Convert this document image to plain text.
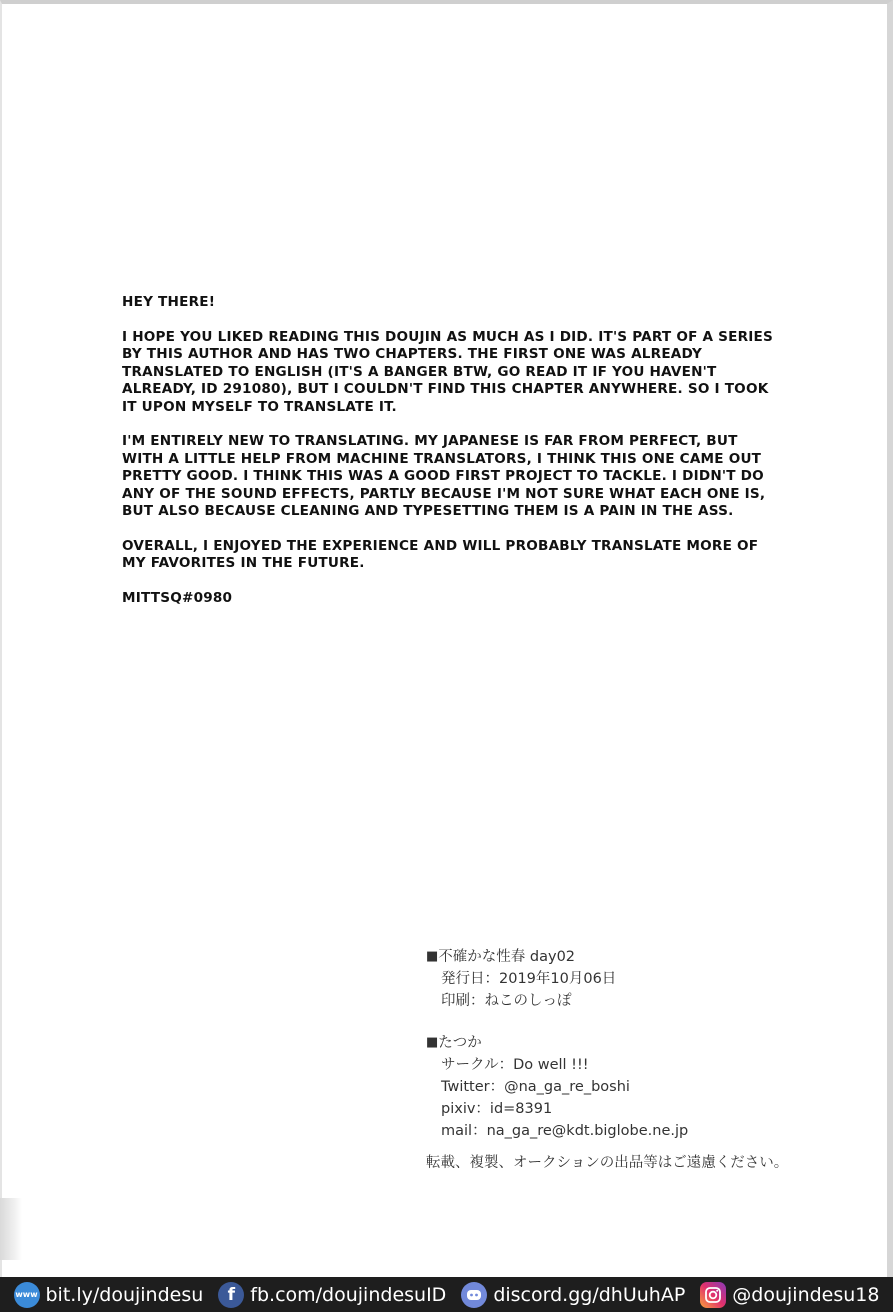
HEY THERE!

I HOPE YOU LIKED READING THIS DOUJIN AS MUCH AS I DID. IT'S PART OF A SERIES BY THIS AUTHOR AND HAS TWO CHAPTERS. THE FIRST ONE WAS ALREADY TRANSLATED TO ENGLISH (IT'S A BANGER BTW, GO READ IT IF YOU HAVEN'T ALREADY, ID 291080), BUT I COULDN'T FIND THIS CHAPTER ANYWHERE. SO I TOOK IT UPON MYSELF TO TRANSLATE IT.

I'M ENTIRELY NEW TO TRANSLATING. MY JAPANESE IS FAR FROM PERFECT, BUT WITH A LITTLE HELP FROM MACHINE TRANSLATORS, I THINK THIS ONE CAME OUT PRETTY GOOD. I THINK THIS WAS A GOOD FIRST PROJECT TO TACKLE. I DIDN'T DO ANY OF THE SOUND EFFECTS, PARTLY BECAUSE I'M NOT SURE WHAT EACH ONE IS, BUT ALSO BECAUSE CLEANING AND TYPESETTING THEM IS A PAIN IN THE ASS.

OVERALL, I ENJOYED THE EXPERIENCE AND WILL PROBABLY TRANSLATE MORE OF MY FAVORITES IN THE FUTURE.

MITTSQ#0980

■不確かな性春 day02
発行日：2019年10月06日
印刷：ねこのしっぽ
■たつか
サークル：Do well !!!
Twitter：@na_ga_re_boshi
pixiv：id=8391
mail：na_ga_re@kdt.biglobe.ne.jp
転載、複製、オークションの出品等はご遠慮ください。
www bit.ly/doujindesu	f fb.com/doujindesuID discord.gg/dhUuhAP @doujindesu18
